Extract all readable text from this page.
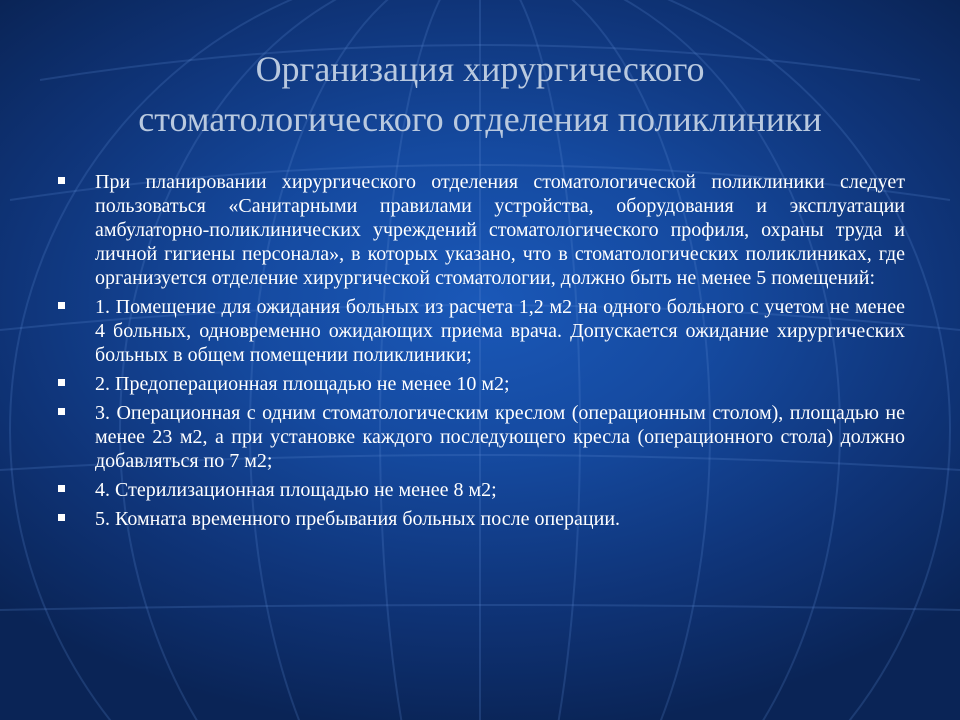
Организация хирургического
стоматологического отделения поликлиники
При планировании хирургического отделения стоматологической поликлиники следует пользоваться «Санитарными правилами устройства, оборудования и эксплуатации амбулаторно-поликлинических учреждений стоматологического профиля, охраны труда и личной гигиены персонала», в которых указано, что в стоматологических поликлиниках, где организуется отделение хирургической стоматологии, должно быть не менее 5 помещений:
1. Помещение для ожидания больных из расчета 1,2 м2 на одного больного с учетом не менее 4 больных, одновременно ожидающих приема врача. Допускается ожидание хирургических больных в общем помещении поликлиники;
2. Предоперационная площадью не менее 10 м2;
3. Операционная с одним стоматологическим креслом (операционным столом), площадью не менее 23 м2, а при установке каждого последующего кресла (операционного стола) должно добавляться по 7 м2;
4. Стерилизационная площадью не менее 8 м2;
5. Комната временного пребывания больных после операции.
